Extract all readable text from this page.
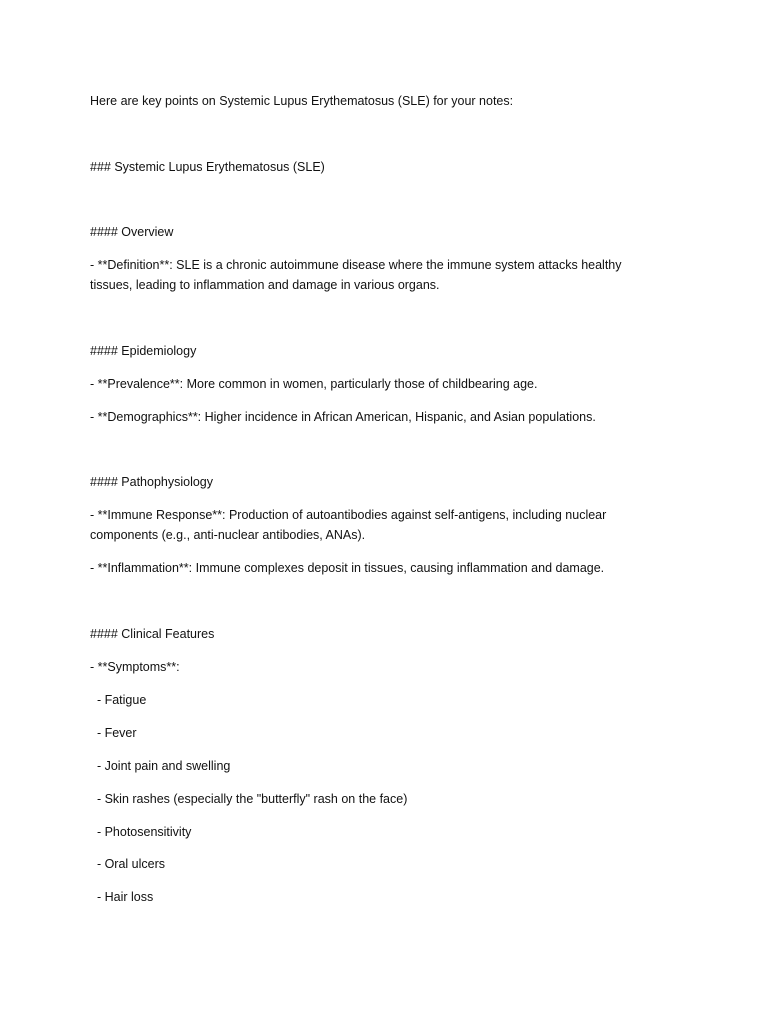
Here are key points on Systemic Lupus Erythematosus (SLE) for your notes:
### Systemic Lupus Erythematosus (SLE)
#### Overview
- **Definition**: SLE is a chronic autoimmune disease where the immune system attacks healthy tissues, leading to inflammation and damage in various organs.
#### Epidemiology
- **Prevalence**: More common in women, particularly those of childbearing age.
- **Demographics**: Higher incidence in African American, Hispanic, and Asian populations.
#### Pathophysiology
- **Immune Response**: Production of autoantibodies against self-antigens, including nuclear components (e.g., anti-nuclear antibodies, ANAs).
- **Inflammation**: Immune complexes deposit in tissues, causing inflammation and damage.
#### Clinical Features
- **Symptoms**:
- Fatigue
- Fever
- Joint pain and swelling
- Skin rashes (especially the "butterfly" rash on the face)
- Photosensitivity
- Oral ulcers
- Hair loss
